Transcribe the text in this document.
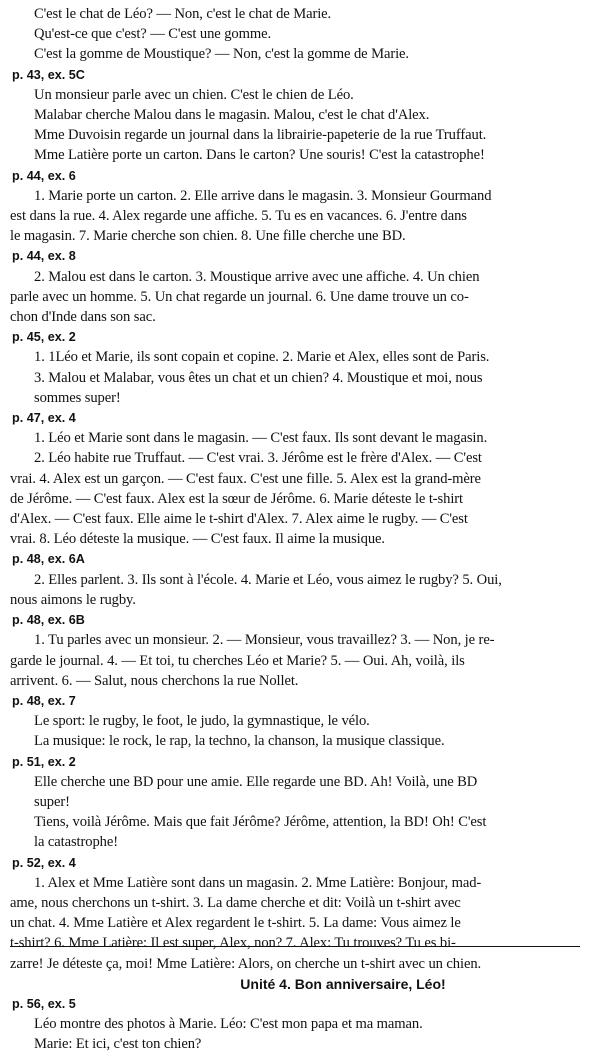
C'est le chat de Léo? — Non, c'est le chat de Marie.
Qu'est-ce que c'est? — C'est une gomme.
C'est la gomme de Moustique? — Non, c'est la gomme de Marie.
p. 43, ex. 5C
Un monsieur parle avec un chien. C'est le chien de Léo.
Malabar cherche Malou dans le magasin. Malou, c'est le chat d'Alex.
Mme Duvoisin regarde un journal dans la librairie-papeterie de la rue Truffaut.
Mme Latière porte un carton. Dans le carton? Une souris! C'est la catastrophe!
p. 44, ex. 6
1. Marie porte un carton. 2. Elle arrive dans le magasin. 3. Monsieur Gourmand
est dans la rue. 4. Alex regarde une affiche. 5. Tu es en vacances. 6. J'entre dans
le magasin. 7. Marie cherche son chien. 8. Une fille cherche une BD.
p. 44, ex. 8
2. Malou est dans le carton. 3. Moustique arrive avec une affiche. 4. Un chien
parle avec un homme. 5. Un chat regarde un journal. 6. Une dame trouve un co-
chon d'Inde dans son sac.
p. 45, ex. 2
1. 1Léo et Marie, ils sont copain et copine. 2. Marie et Alex, elles sont de Paris.
3. Malou et Malabar, vous êtes un chat et un chien? 4. Moustique et moi, nous
sommes super!
p. 47, ex. 4
1. Léo et Marie sont dans le magasin. — C'est faux. Ils sont devant le magasin.
2. Léo habite rue Truffaut. — C'est vrai. 3. Jérôme est le frère d'Alex. — C'est
vrai. 4. Alex est un garçon. — C'est faux. C'est une fille. 5. Alex est la grand-mère
de Jérôme. — C'est faux. Alex est la sœur de Jérôme. 6. Marie déteste le t-shirt
d'Alex. — C'est faux. Elle aime le t-shirt d'Alex. 7. Alex aime le rugby. — C'est
vrai. 8. Léo déteste la musique. — C'est faux. Il aime la musique.
p. 48, ex. 6A
2. Elles parlent. 3. Ils sont à l'école. 4. Marie et Léo, vous aimez le rugby? 5. Oui,
nous aimons le rugby.
p. 48, ex. 6B
1. Tu parles avec un monsieur. 2. — Monsieur, vous travaillez? 3. — Non, je re-
garde le journal. 4. — Et toi, tu cherches Léo et Marie? 5. — Oui. Ah, voilà, ils
arrivent. 6. — Salut, nous cherchons la rue Nollet.
p. 48, ex. 7
Le sport: le rugby, le foot, le judo, la gymnastique, le vélo.
La musique: le rock, le rap, la techno, la chanson, la musique classique.
p. 51, ex. 2
Elle cherche une BD pour une amie. Elle regarde une BD. Ah! Voilà, une BD
super!
Tiens, voilà Jérôme. Mais que fait Jérôme? Jérôme, attention, la BD! Oh! C'est
la catastrophe!
p. 52, ex. 4
1. Alex et Mme Latière sont dans un magasin. 2. Mme Latière: Bonjour, mad-
ame, nous cherchons un t-shirt. 3. La dame cherche et dit: Voilà un t-shirt avec
un chat. 4. Mme Latière et Alex regardent le t-shirt. 5. La dame: Vous aimez le
t-shirt? 6. Mme Latière: Il est super, Alex, non? 7. Alex: Tu trouves? Tu es bi-
zarre! Je déteste ça, moi! Mme Latière: Alors, on cherche un t-shirt avec un chien.
Unité 4. Bon anniversaire, Léo!
p. 56, ex. 5
Léo montre des photos à Marie. Léo: C'est mon papa et ma maman.
Marie: Et ici, c'est ton chien?
